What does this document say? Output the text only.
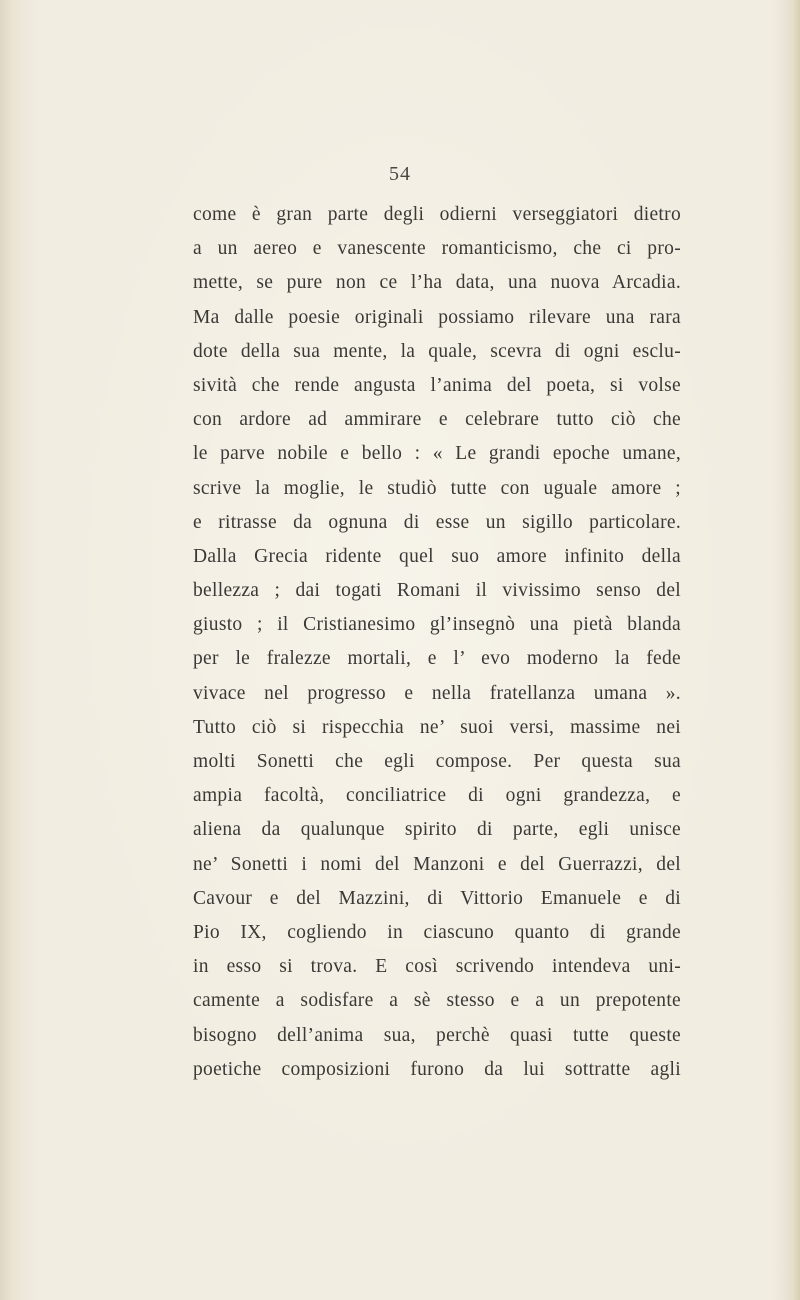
54
come è gran parte degli odierni verseggiatori dietro
a un aereo e vanescente romanticismo, che ci pro-
mette, se pure non ce l’ha data, una nuova Arcadia.
Ma dalle poesie originali possiamo rilevare una rara
dote della sua mente, la quale, scevra di ogni esclu-
sività che rende angusta l’anima del poeta, si volse
con ardore ad ammirare e celebrare tutto ciò che
le parve nobile e bello : « Le grandi epoche umane,
scrive la moglie, le studiò tutte con uguale amore ;
e ritrasse da ognuna di esse un sigillo particolare.
Dalla Grecia ridente quel suo amore infinito della
bellezza ; dai togati Romani il vivissimo senso del
giusto ; il Cristianesimo gl’insegnò una pietà blanda
per le fralezze mortali, e l’ evo moderno la fede
vivace nel progresso e nella fratellanza umana ».
Tutto ciò si rispecchia ne’ suoi versi, massime nei
molti Sonetti che egli compose. Per questa sua
ampia facoltà, conciliatrice di ogni grandezza, e
aliena da qualunque spirito di parte, egli unisce
ne’ Sonetti i nomi del Manzoni e del Guerrazzi, del
Cavour e del Mazzini, di Vittorio Emanuele e di
Pio IX, cogliendo in ciascuno quanto di grande
in esso si trova. E così scrivendo intendeva uni-
camente a sodisfare a sè stesso e a un prepotente
bisogno dell’anima sua, perchè quasi tutte queste
poetiche composizioni furono da lui sottratte agli
